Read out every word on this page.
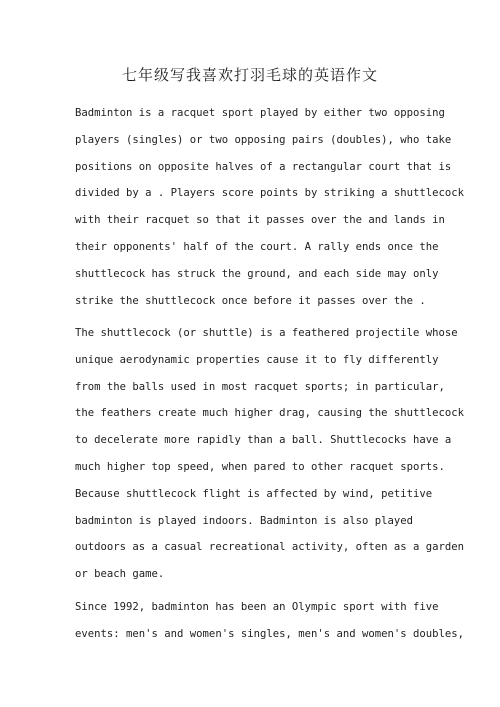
七年级写我喜欢打羽毛球的英语作文
Badminton is a racquet sport played by either two opposing
players (singles) or two opposing pairs (doubles), who take
positions on opposite halves of a rectangular court that is
divided by a . Players score points by striking a shuttlecock
with their racquet so that it passes over the and lands in
their opponents' half of the court. A rally ends once the
shuttlecock has struck the ground, and each side may only
strike the shuttlecock once before it passes over the .
The shuttlecock (or shuttle) is a feathered projectile whose
unique aerodynamic properties cause it to fly differently
from the balls used in most racquet sports; in particular,
the feathers create much higher drag, causing the shuttlecock
to decelerate more rapidly than a ball. Shuttlecocks have a
much higher top speed, when pared to other racquet sports.
Because shuttlecock flight is affected by wind, petitive
badminton is played indoors. Badminton is also played
outdoors as a casual recreational activity, often as a garden
or beach game.
Since 1992, badminton has been an Olympic sport with five
events: men's and women's singles, men's and women's doubles,
